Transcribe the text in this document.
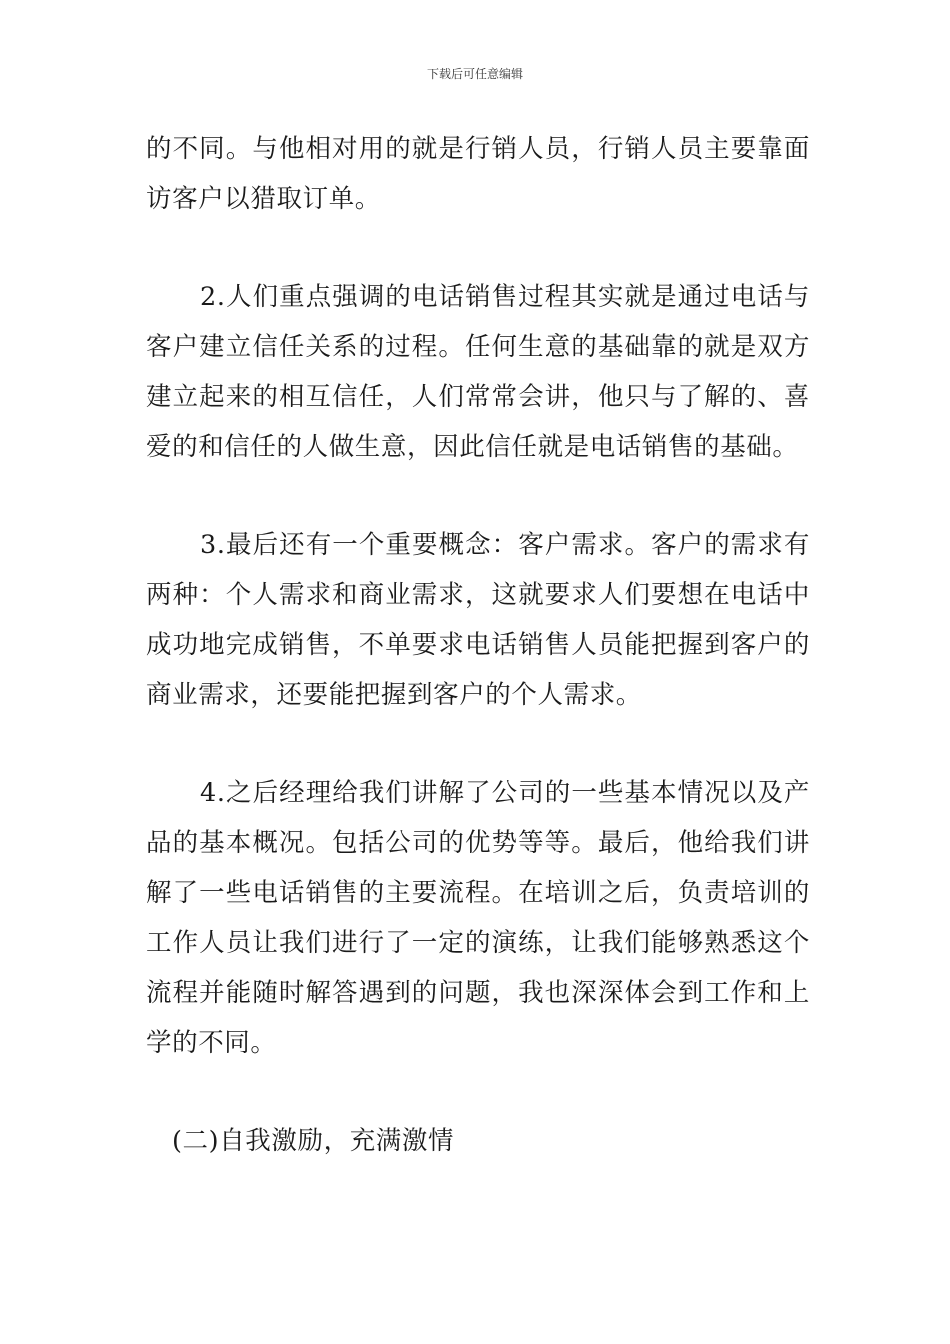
下载后可任意编辑

的不同。与他相对用的就是行销人员，行销人员主要靠面访客户以猎取订单。

2.人们重点强调的电话销售过程其实就是通过电话与客户建立信任关系的过程。任何生意的基础靠的就是双方建立起来的相互信任，人们常常会讲，他只与了解的、喜爱的和信任的人做生意，因此信任就是电话销售的基础。

3.最后还有一个重要概念：客户需求。客户的需求有两种：个人需求和商业需求，这就要求人们要想在电话中成功地完成销售，不单要求电话销售人员能把握到客户的商业需求，还要能把握到客户的个人需求。

4.之后经理给我们讲解了公司的一些基本情况以及产品的基本概况。包括公司的优势等等。最后，他给我们讲解了一些电话销售的主要流程。在培训之后，负责培训的工作人员让我们进行了一定的演练，让我们能够熟悉这个流程并能随时解答遇到的问题，我也深深体会到工作和上学的不同。

(二)自我激励，充满激情
